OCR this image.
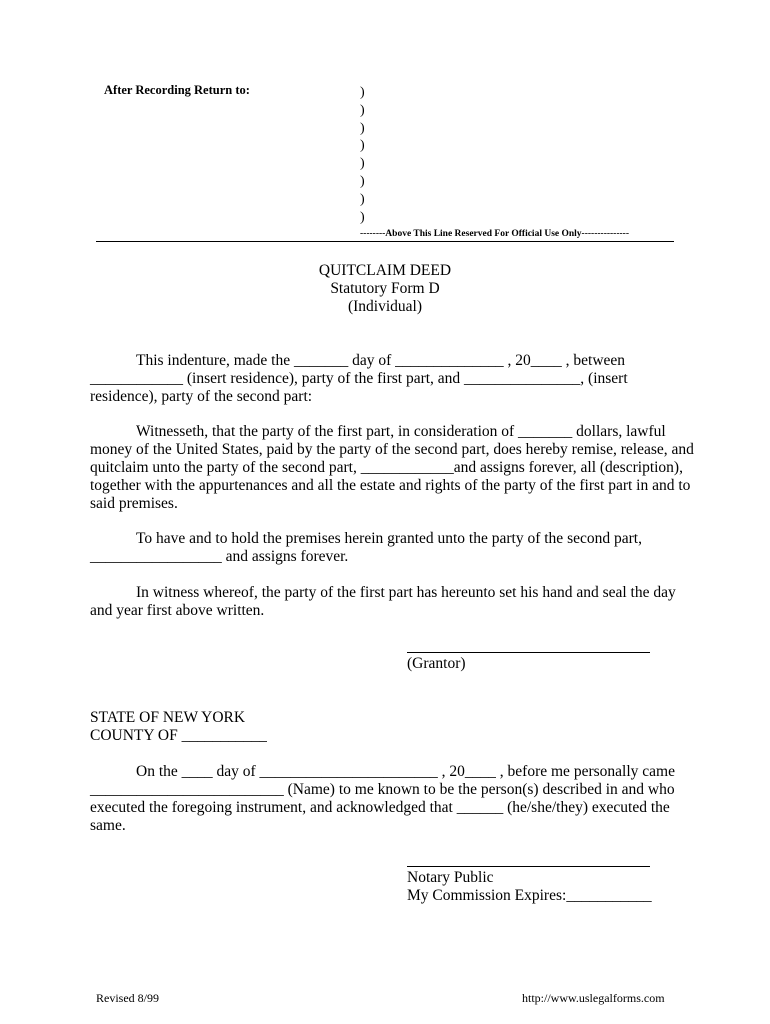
After Recording Return to:	)
)
)
)
)
)
)
)
--------Above This Line Reserved For Official Use Only---------------
QUITCLAIM DEED
Statutory Form D
(Individual)
This indenture, made the _______ day of ______________ , 20____ , between
____________ (insert residence), party of the first part, and _______________, (insert
residence), party of the second part:
Witnesseth, that the party of the first part, in consideration of _______ dollars, lawful
money of the United States, paid by the party of the second part, does hereby remise, release, and
quitclaim unto the party of the second part, ____________and assigns forever, all (description),
together with the appurtenances and all the estate and rights of the party of the first part in and to
said premises.
To have and to hold the premises herein granted unto the party of the second part,
_________________ and assigns forever.
In witness whereof, the party of the first part has hereunto set his hand and seal the day
and year first above written.
(Grantor)
STATE OF NEW YORK
COUNTY OF ___________
On the ____ day of _______________________ , 20____ , before me personally came
_________________________ (Name) to me known to be the person(s) described in and who
executed the foregoing instrument, and acknowledged that ______ (he/she/they) executed the
same.
Notary Public
My Commission Expires:___________
Revised 8/99	http://www.uslegalforms.com
